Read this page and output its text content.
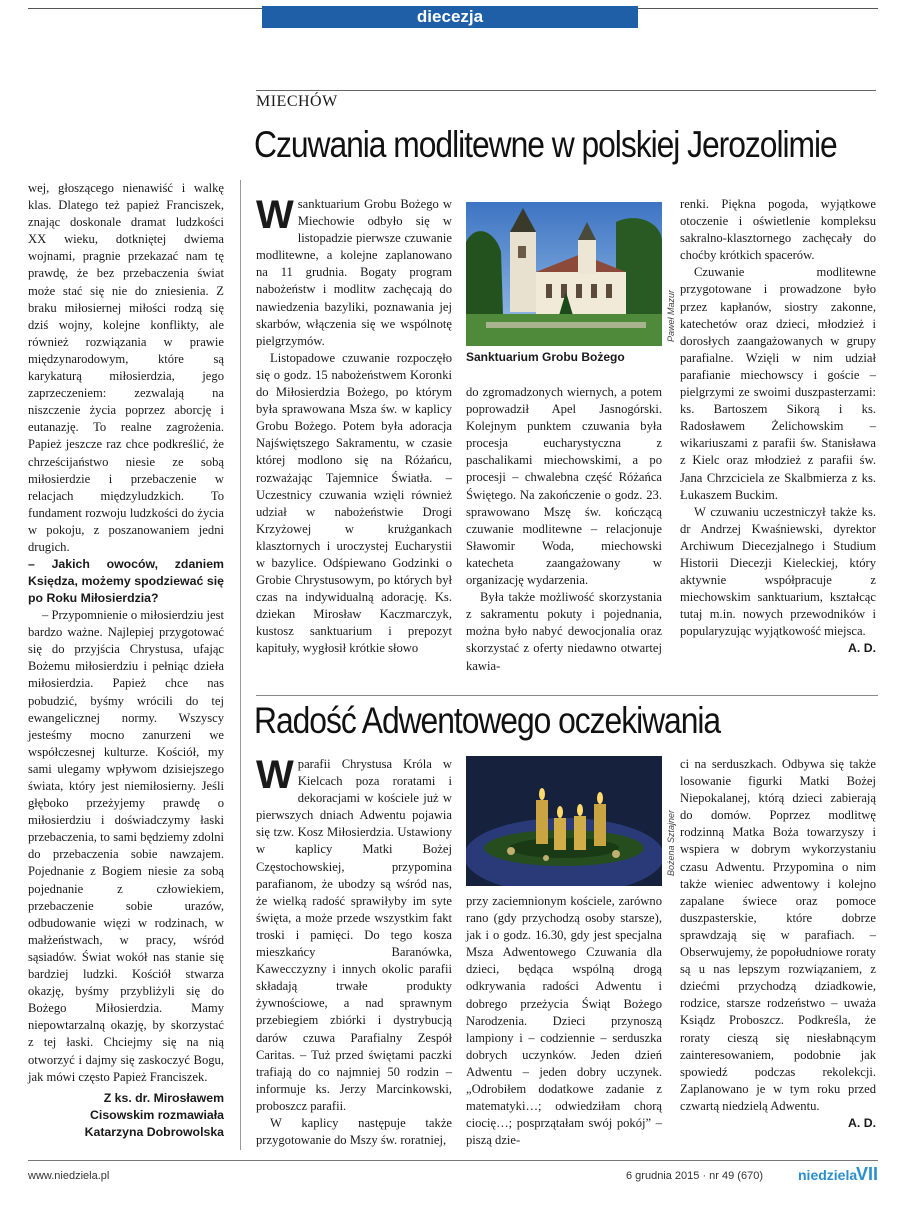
diecezja

wej, głoszącego nienawiść i walkę klas. Dlatego też papież Franciszek, znając doskonale dramat ludzkości XX wieku, dotkniętej dwiema wojnami, pragnie przekazać nam tę prawdę, że bez przebaczenia świat może stać się nie do zniesienia. Z braku miłosiernej miłości rodzą się dziś wojny, kolejne konflikty, ale również rozwiązania w prawie międzynarodowym, które są karykaturą miłosierdzia, jego zaprzeczeniem: zezwalają na niszczenie życia poprzez aborcję i eutanazję. To realne zagrożenia. Papież jeszcze raz chce podkreślić, że chrześcijaństwo niesie ze sobą miłosierdzie i przebaczenie w relacjach międzyludzkich. To fundament rozwoju ludzkości do życia w pokoju, z poszanowaniem jedni drugich.

– Jakich owoców, zdaniem Księdza, możemy spodziewać się po Roku Miłosierdzia?

– Przypomnienie o miłosierdziu jest bardzo ważne. Najlepiej przygotować się do przyjścia Chrystusa, ufając Bożemu miłosierdziu i pełniąc dzieła miłosierdzia. Papież chce nas pobudzić, byśmy wrócili do tej ewangelicznej normy. Wszyscy jesteśmy mocno zanurzeni we współczesnej kulturze. Kościół, my sami ulegamy wpływom dzisiejszego świata, który jest niemiłosierny. Jeśli głęboko przeżyjemy prawdę o miłosierdziu i doświadczymy łaski przebaczenia, to sami będziemy zdolni do przebaczenia sobie nawzajem. Pojednanie z Bogiem niesie za sobą pojednanie z człowiekiem, przebaczenie sobie urazów, odbudowanie więzi w rodzinach, w małżeństwach, w pracy, wśród sąsiadów. Świat wokół nas stanie się bardziej ludzki. Kościół stwarza okazję, byśmy przybliżyli się do Bożego Miłosierdzia. Mamy niepowtarzalną okazję, by skorzystać z tej łaski. Chciejmy się na nią otworzyć i dajmy się zaskoczyć Bogu, jak mówi często Papież Franciszek.

Z ks. dr. Mirosławem

Cisowskim rozmawiała

Katarzyna Dobrowolska

MIECHÓW
Czuwania modlitewne w polskiej Jerozolimie

Wsanktuarium Grobu Bożego w Miechowie odbyło się w listopadzie pierwsze czuwanie modlitewne, a kolejne zaplanowano na 11 grudnia. Bogaty program nabożeństw i modlitw zachęcają do nawiedzenia bazyliki, poznawania jej skarbów, włączenia się we wspólnotę pielgrzymów.

Listopadowe czuwanie rozpoczęło się o godz. 15 nabożeństwem Koronki do Miłosierdzia Bożego, po którym była sprawowana Msza św. w kaplicy Grobu Bożego. Potem była adoracja Najświętszego Sakramentu, w czasie której modlono się na Różańcu, rozważając Tajemnice Światła. – Uczestnicy czuwania wzięli również udział w nabożeństwie Drogi Krzyżowej w krużgankach klasztornych i uroczystej Eucharystii w bazylice. Odśpiewano Godzinki o Grobie Chrystusowym, po których był czas na indywidualną adorację. Ks. dziekan Mirosław Kaczmarczyk, kustosz sanktuarium i prepozyt kapituły, wygłosił krótkie słowo

Paweł Mazur
Sanktuarium Grobu Bożego

do zgromadzonych wiernych, a potem poprowadził Apel Jasnogórski. Kolejnym punktem czuwania była procesja eucharystyczna z paschalikami miechowskimi, a po procesji – chwalebna część Różańca Świętego. Na zakończenie o godz. 23. sprawowano Mszę św. kończącą czuwanie modlitewne – relacjonuje Sławomir Woda, miechowski katecheta zaangażowany w organizację wydarzenia.

Była także możliwość skorzystania z sakramentu pokuty i pojednania, można było nabyć dewocjonalia oraz skorzystać z oferty niedawno otwartej kawia-

renki. Piękna pogoda, wyjątkowe otoczenie i oświetlenie kompleksu sakralno-klasztornego zachęcały do choćby krótkich spacerów.

Czuwanie modlitewne przygotowane i prowadzone było przez kapłanów, siostry zakonne, katechetów oraz dzieci, młodzież i dorosłych zaangażowanych w grupy parafialne. Wzięli w nim udział parafianie miechowscy i goście – pielgrzymi ze swoimi duszpasterzami: ks. Bartoszem Sikorą i ks. Radosławem Żelichowskim – wikariuszami z parafii św. Stanisława z Kielc oraz młodzież z parafii św. Jana Chrzciciela ze Skalbmierza z ks. Łukaszem Buckim.

W czuwaniu uczestniczył także ks. dr Andrzej Kwaśniewski, dyrektor Archiwum Diecezjalnego i Studium Historii Diecezji Kieleckiej, który aktywnie współpracuje z miechowskim sanktuarium, kształcąc tutaj m.in. nowych przewodników i popularyzując wyjątkowość miejsca.

A. D.

Radość Adwentowego oczekiwania

Wparafii Chrystusa Króla w Kielcach poza roratami i dekoracjami w kościele już w pierwszych dniach Adwentu pojawia się tzw. Kosz Miłosierdzia. Ustawiony w kaplicy Matki Bożej Częstochowskiej, przypomina parafianom, że ubodzy są wśród nas, że wielką radość sprawiłyby im syte święta, a może przede wszystkim fakt troski i pamięci. Do tego kosza mieszkańcy Baranówka, Kawecczyzny i innych okolic parafii składają trwałe produkty żywnościowe, a nad sprawnym przebiegiem zbiórki i dystrybucją darów czuwa Parafialny Zespół Caritas. – Tuż przed świętami paczki trafiają do co najmniej 50 rodzin – informuje ks. Jerzy Marcinkowski, proboszcz parafii.

W kaplicy następuje także przygotowanie do Mszy św. roratniej,

Bożena Sztajner

przy zaciemnionym kościele, zarówno rano (gdy przychodzą osoby starsze), jak i o godz. 16.30, gdy jest specjalna Msza Adwentowego Czuwania dla dzieci, będąca wspólną drogą odkrywania radości Adwentu i dobrego przeżycia Świąt Bożego Narodzenia. Dzieci przynoszą lampiony i – codziennie – serduszka dobrych uczynków. Jeden dzień Adwentu – jeden dobry uczynek. „Odrobiłem dodatkowe zadanie z matematyki…; odwiedziłam chorą ciocię…; posprzątałam swój pokój” – piszą dzie-

ci na serduszkach. Odbywa się także losowanie figurki Matki Bożej Niepokalanej, którą dzieci zabierają do domów. Poprzez modlitwę rodzinną Matka Boża towarzyszy i wspiera w dobrym wykorzystaniu czasu Adwentu. Przypomina o nim także wieniec adwentowy i kolejno zapalane świece oraz pomoce duszpasterskie, które dobrze sprawdzają się w parafiach. – Obserwujemy, że popołudniowe roraty są u nas lepszym rozwiązaniem, z dziećmi przychodzą dziadkowie, rodzice, starsze rodzeństwo – uważa Ksiądz Proboszcz. Podkreśla, że roraty cieszą się niesłabnącym zainteresowaniem, podobnie jak spowiedź podczas rekolekcji. Zaplanowano je w tym roku przed czwartą niedzielą Adwentu.

A. D.

www.niedziela.pl	6 grudnia 2015 · nr 49 (670)	niedziela
VII
